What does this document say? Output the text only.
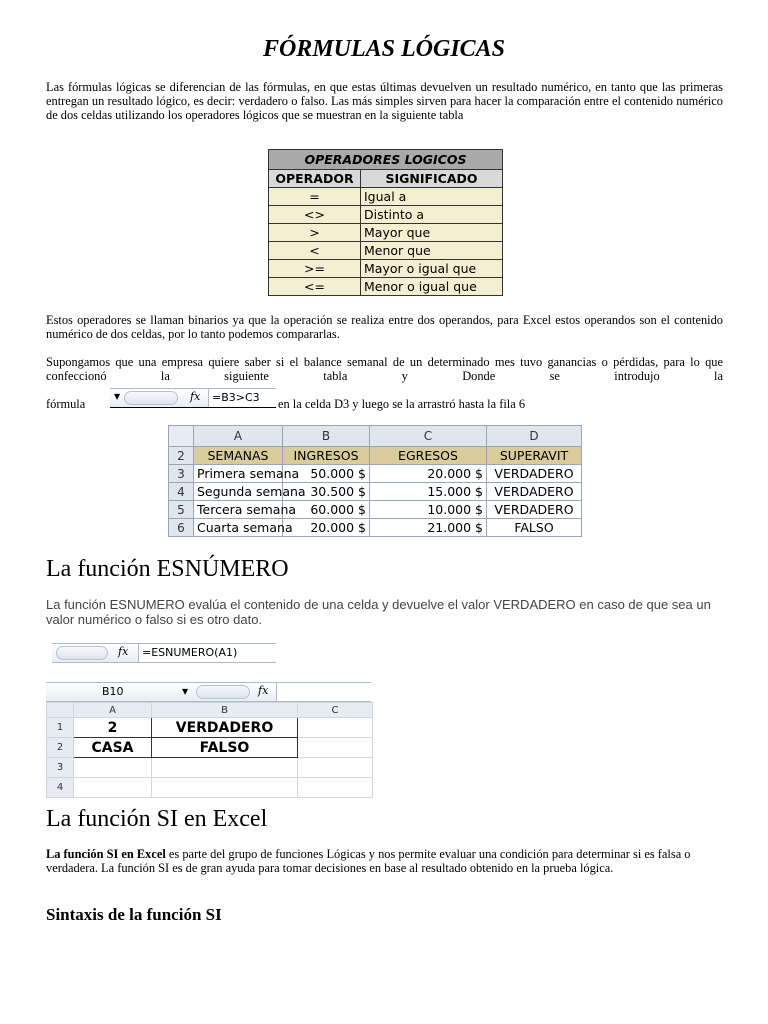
FÓRMULAS LÓGICAS
Las fórmulas lógicas se diferencian de las fórmulas, en que estas últimas devuelven un resultado numérico, en tanto que las primeras entregan un resultado lógico, es decir: verdadero o falso. Las más simples sirven para hacer la comparación entre el contenido numérico de dos celdas utilizando los operadores lógicos que se muestran en la siguiente tabla
OPERADORES LOGICOS	
OPERADOR	SIGNIFICADO
=	Igual a
<>	Distinto a
>	Mayor que
<	Menor que
>=	Mayor o igual que
<=	Menor o igual que
Estos operadores se llaman binarios ya que la operación se realiza entre dos operandos, para Excel estos operandos son el contenido numérico de dos celdas, por lo tanto podemos compararlas.
Supongamos que una empresa quiere saber si el balance semanal de un determinado mes tuvo ganancias o pérdidas, para lo que confeccionó la siguiente tabla y Donde se introdujo la
fórmula
▼	fx	=B3>C3	en la celda D3 y luego se la arrastró hasta la fila 6
	A	B	C	D
2	SEMANAS	INGRESOS	EGRESOS	SUPERAVIT
3	Primera semana	50.000 $	20.000 $	VERDADERO
4	Segunda semana	30.500 $	15.000 $	VERDADERO
5	Tercera semana	60.000 $	10.000 $	VERDADERO
6	Cuarta semana	20.000 $	21.000 $	FALSO
La función ESNÚMERO
La función ESNUMERO evalúa el contenido de una celda y devuelve el valor VERDADERO en caso de que sea un valor numérico o falso si es otro dato.
fx	=ESNUMERO(A1)
B10	▼	fx
	A	B	C
1	2	VERDADERO	
2	CASA	FALSO	
3			
4			
La función SI en Excel
La función SI en Excel es parte del grupo de funciones Lógicas y nos permite evaluar una condición para determinar si es falsa o verdadera. La función SI es de gran ayuda para tomar decisiones en base al resultado obtenido en la prueba lógica.
Sintaxis de la función SI
